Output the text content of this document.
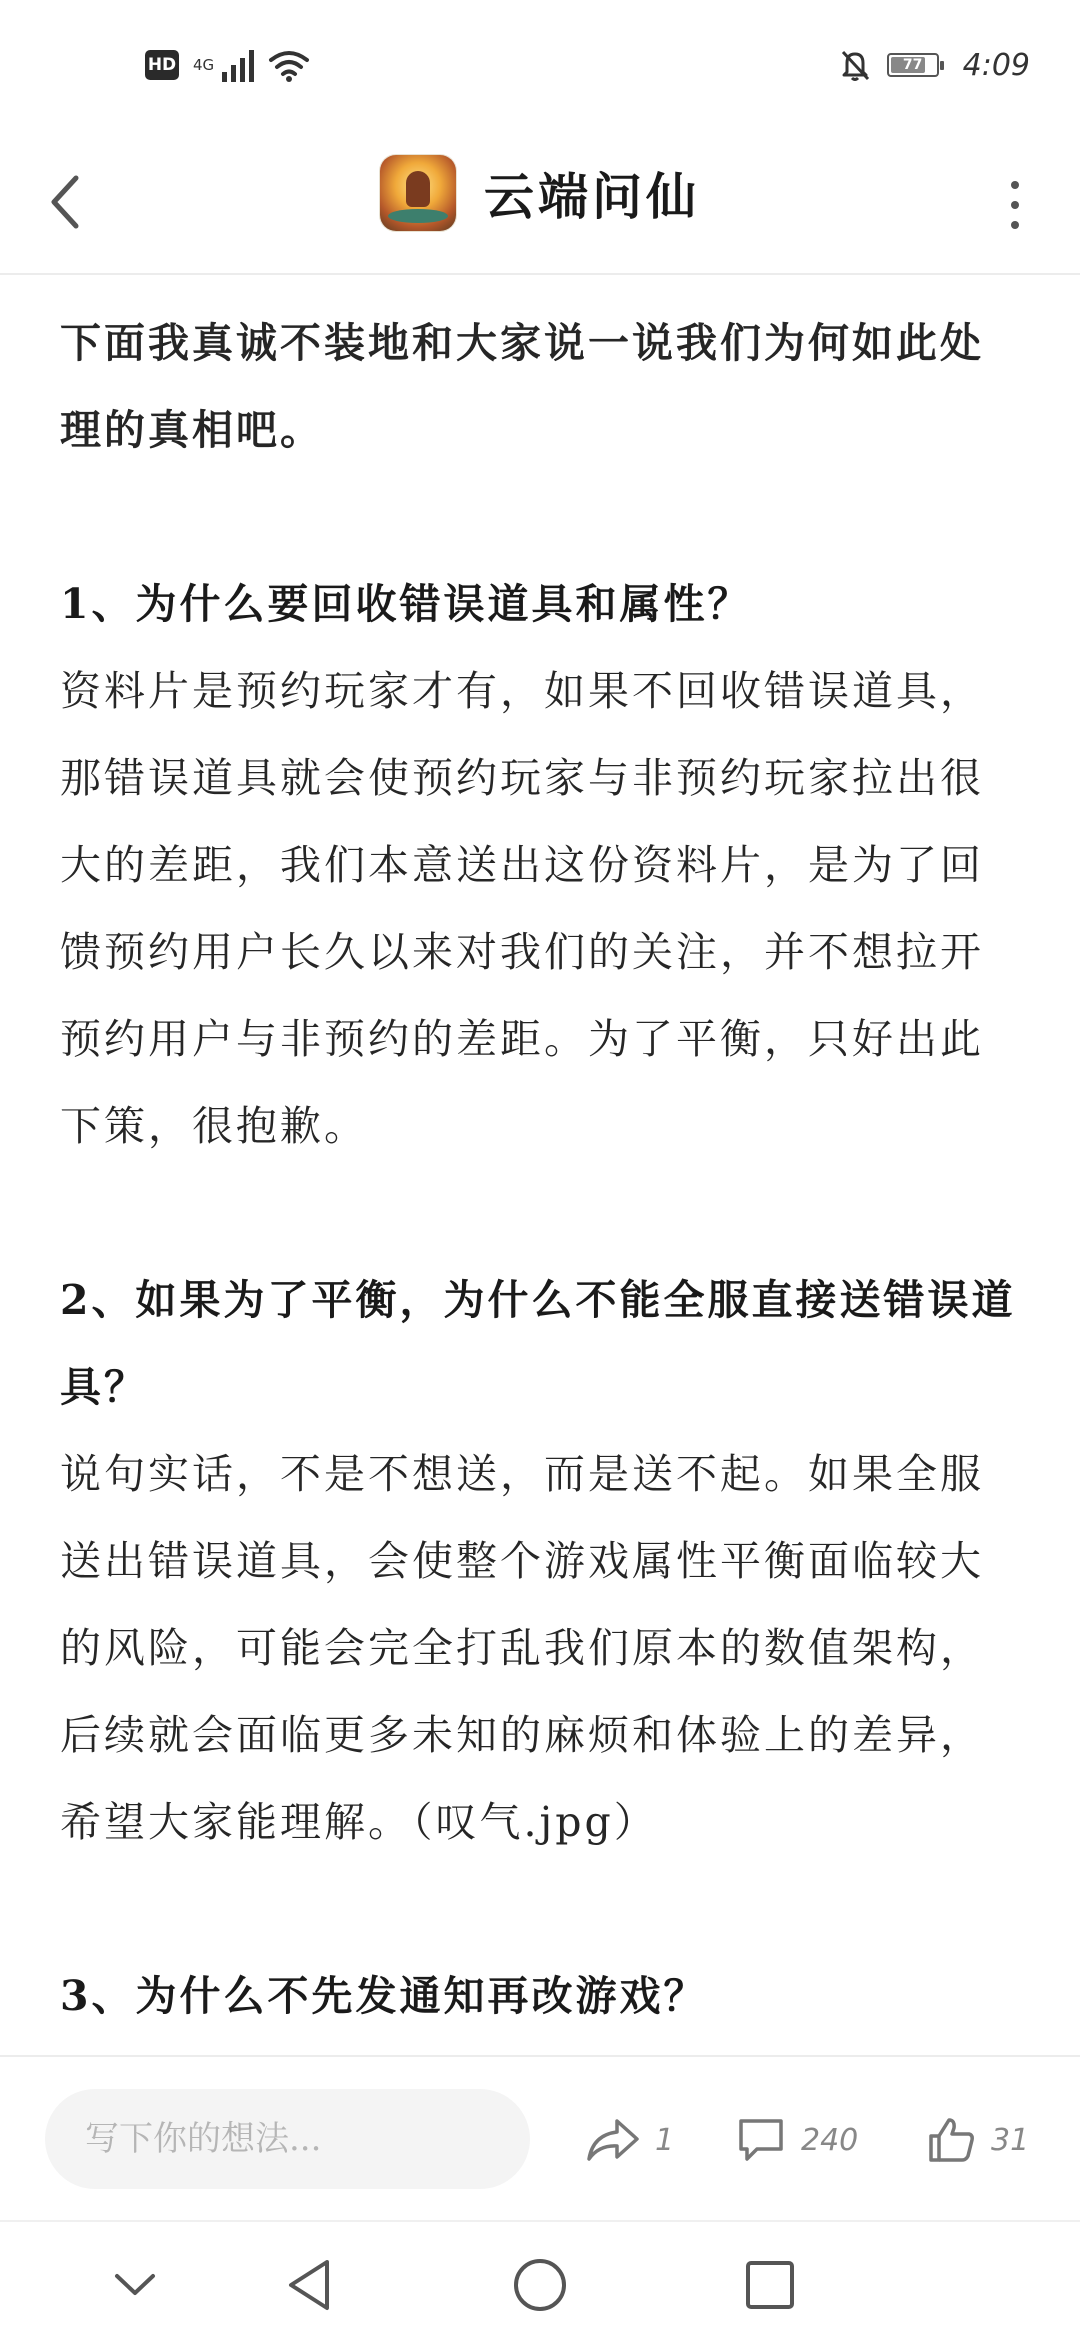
HD 4G	77	4:09
云端问仙

下面我真诚不装地和大家说一说我们为何如此处理的真相吧。

1、为什么要回收错误道具和属性？

资料片是预约玩家才有，如果不回收错误道具，那错误道具就会使预约玩家与非预约玩家拉出很大的差距，我们本意送出这份资料片，是为了回馈预约用户长久以来对我们的关注，并不想拉开预约用户与非预约的差距。为了平衡，只好出此下策，很抱歉。

2、如果为了平衡，为什么不能全服直接送错误道具？

说句实话，不是不想送，而是送不起。如果全服送出错误道具，会使整个游戏属性平衡面临较大的风险，可能会完全打乱我们原本的数值架构，后续就会面临更多未知的麻烦和体验上的差异，希望大家能理解。（叹气.jpg）

3、为什么不先发通知再改游戏？

写下你的想法...
1	240	31
